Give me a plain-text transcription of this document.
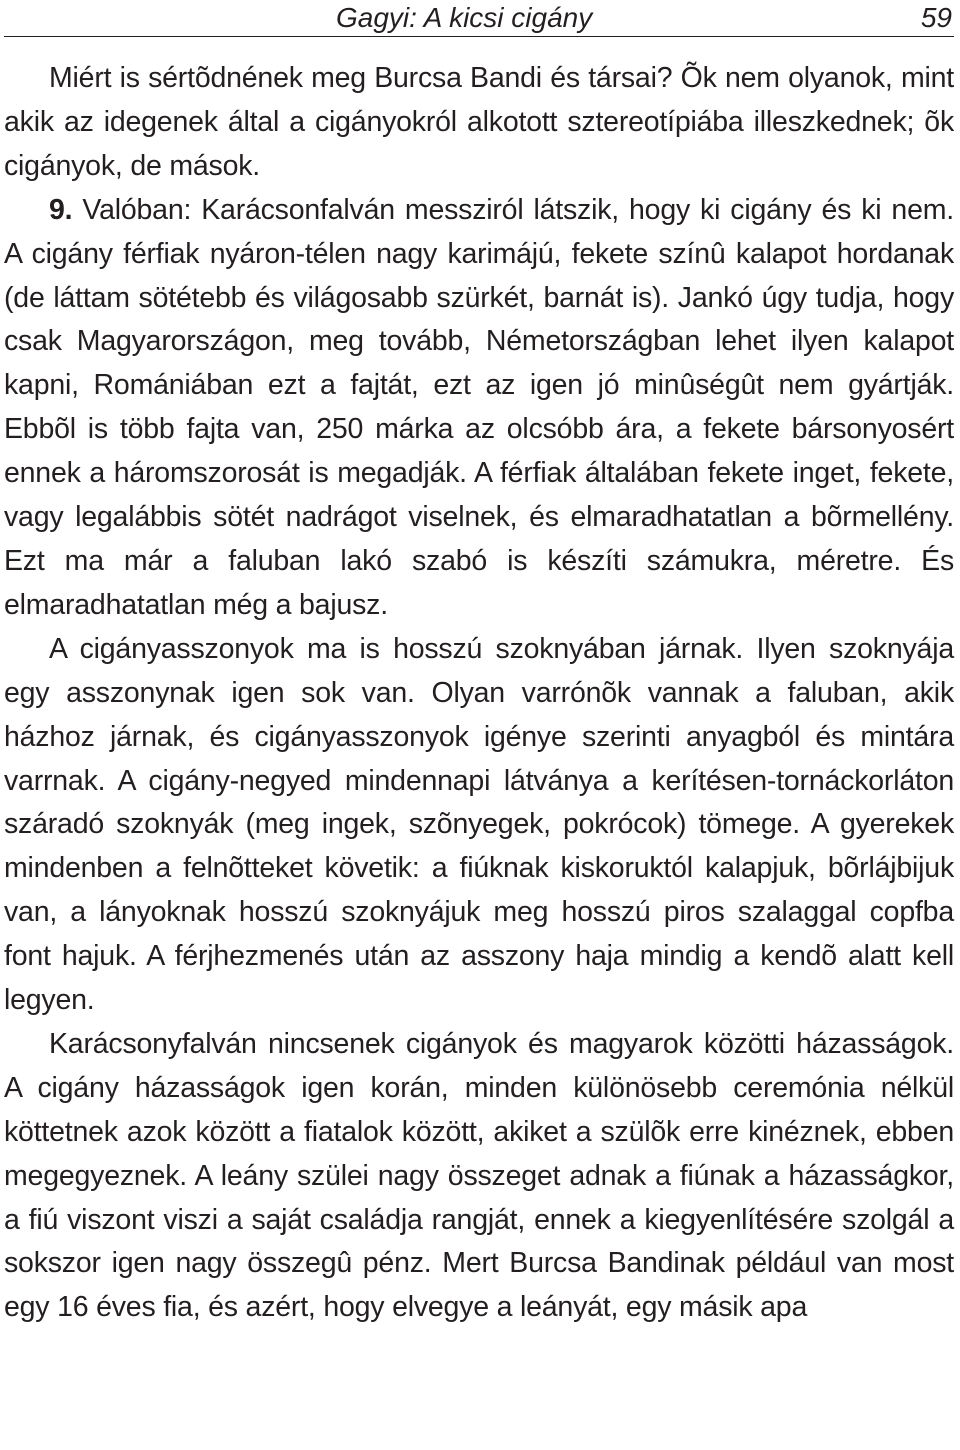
Gagyi: A kicsi cigány	59

Miért is sértõdnének meg Burcsa Bandi és társai? Õk nem olyanok, mint akik az idegenek által a cigányokról alkotott sztereotípiába illeszkednek; õk cigányok, de mások.

9. Valóban: Karácsonfalván messziról látszik, hogy ki cigány és ki nem. A cigány férfiak nyáron-télen nagy karimájú, fekete színû kalapot hordanak (de láttam sötétebb és világosabb szürkét, barnát is). Jankó úgy tudja, hogy csak Magyarországon, meg tovább, Németországban lehet ilyen kalapot kapni, Romániában ezt a fajtát, ezt az igen jó minûségût nem gyártják. Ebbõl is több fajta van, 250 márka az olcsóbb ára, a fekete bársonyosért ennek a háromszorosát is megadják. A férfiak általában fekete inget, fekete, vagy legalábbis sötét nadrágot viselnek, és elmaradhatatlan a bõrmellény. Ezt ma már a faluban lakó szabó is készíti számukra, méretre. És elmaradhatatlan még a bajusz.

A cigányasszonyok ma is hosszú szoknyában járnak. Ilyen szoknyája egy asszonynak igen sok van. Olyan varrónõk vannak a faluban, akik házhoz járnak, és cigányasszonyok igénye szerinti anyagból és mintára varrnak. A cigány-negyed mindennapi látványa a kerítésen-tornáckorláton száradó szoknyák (meg ingek, szõnyegek, pokrócok) tömege. A gyerekek mindenben a felnõtteket követik: a fiúknak kiskoruktól kalapjuk, bõrlájbijuk van, a lányoknak hosszú szoknyájuk meg hosszú piros szalaggal copfba font hajuk. A férjhezmenés után az asszony haja mindig a kendõ alatt kell legyen.

Karácsonyfalván nincsenek cigányok és magyarok közötti házasságok. A cigány házasságok igen korán, minden különösebb ceremónia nélkül köttetnek azok között a fiatalok között, akiket a szülõk erre kinéznek, ebben megegyeznek. A leány szülei nagy összeget adnak a fiúnak a házasságkor, a fiú viszont viszi a saját családja rangját, ennek a kiegyenlítésére szolgál a sokszor igen nagy összegû pénz. Mert Burcsa Bandinak például van most egy 16 éves fia, és azért, hogy elvegye a leányát, egy másik apa
